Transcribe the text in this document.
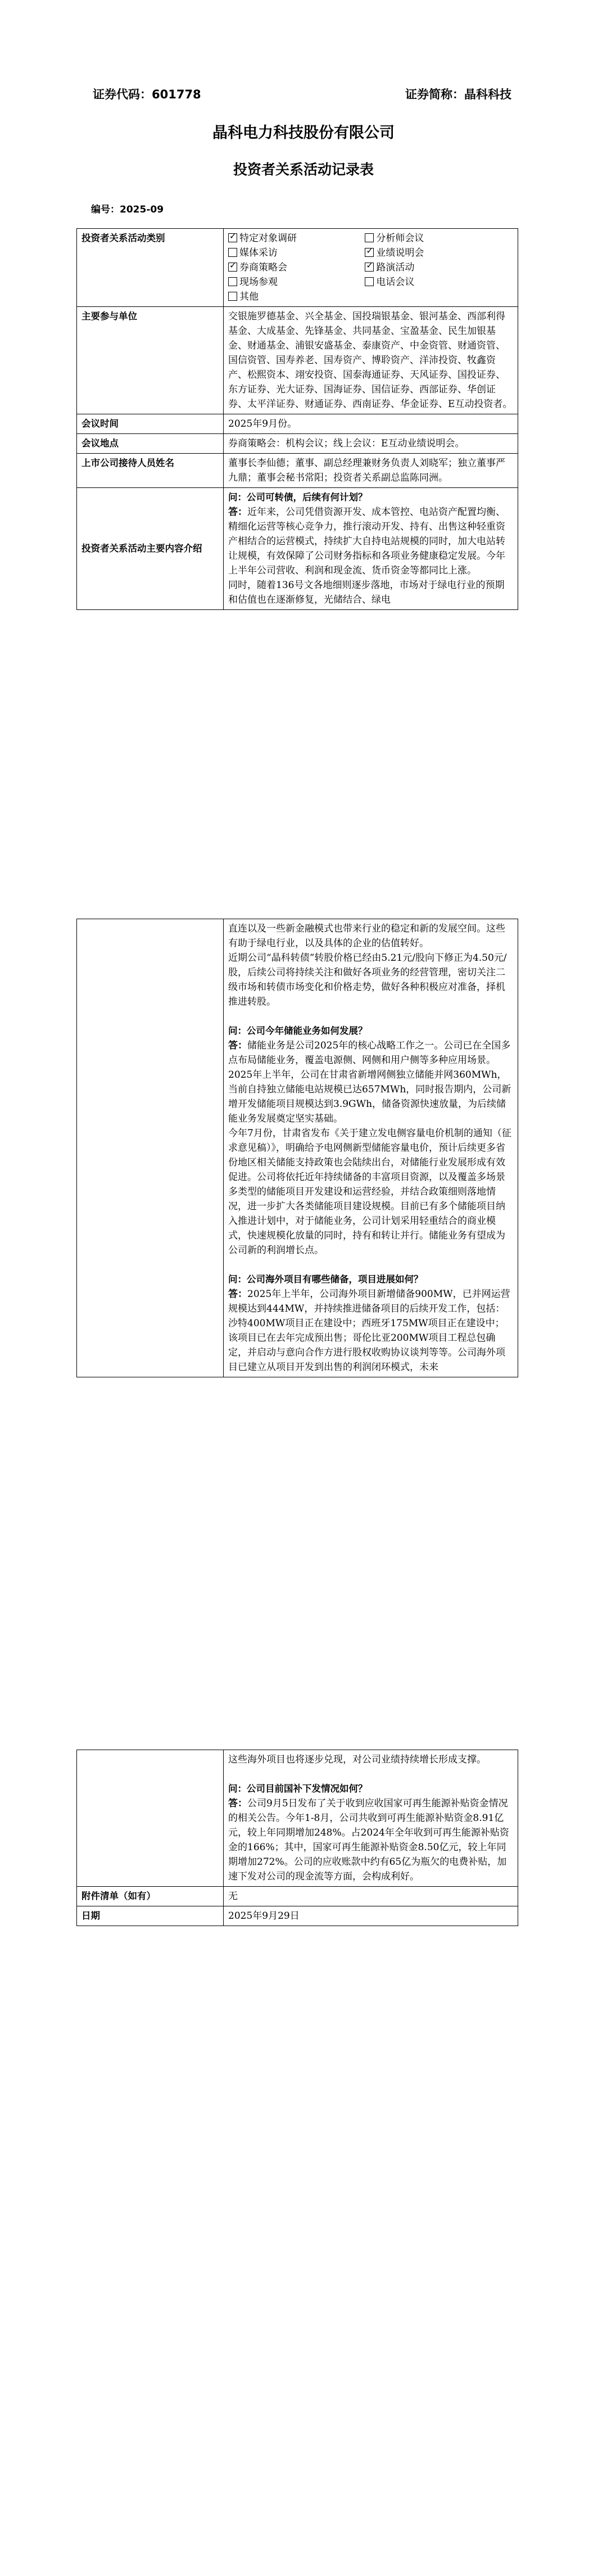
证券代码：601778	证券简称：晶科科技
晶科电力科技股份有限公司
投资者关系活动记录表
编号：2025-09
投资者关系活动类别	✓特定对象调研 分析师会议
媒体采访 ✓ 业绩说明会
✓券商策略会 ✓ 路演活动
现场参观 电话会议
其他
主要参与单位	交银施罗德基金、兴全基金、国投瑞银基金、银河基金、西部利得基金、大成基金、先锋基金、共同基金、宝盈基金、民生加银基金、财通基金、浦银安盛基金、泰康资产、中金资管、财通资管、国信资管、国寿养老、国寿资产、博聆资产、洋沛投资、牧鑫资产、松熙资本、翊安投资、国泰海通证券、天风证券、国投证券、东方证券、光大证券、国海证券、国信证券、西部证券、华创证券、太平洋证券、财通证券、西南证券、华金证券、E互动投资者。
会议时间	2025年9月份。
会议地点	券商策略会：机构会议；线上会议：E互动业绩说明会。
上市公司接待人员姓名	董事长李仙德；董事、副总经理兼财务负责人刘晓军；独立董事严九鼎；董事会秘书常阳；投资者关系副总监陈同洲。
投资者关系活动主要内容介绍	问：公司可转债，后续有何计划？

答：近年来，公司凭借资源开发、成本管控、电站资产配置均衡、精细化运营等核心竞争力，推行滚动开发、持有、出售这种轻重资产相结合的运营模式，持续扩大自持电站规模的同时，加大电站转让规模，有效保障了公司财务指标和各项业务健康稳定发展。今年上半年公司营收、利润和现金流、货币资金等都同比上涨。

同时，随着136号文各地细则逐步落地，市场对于绿电行业的预期和估值也在逐渐修复，光储结合、绿电

直连以及一些新金融模式也带来行业的稳定和新的发展空间。这些有助于绿电行业，以及具体的企业的估值转好。

近期公司“晶科转债”转股价格已经由5.21元/股向下修正为4.50元/股，后续公司将持续关注和做好各项业务的经营管理，密切关注二级市场和转债市场变化和价格走势，做好各种积极应对准备，择机推进转股。

问：公司今年储能业务如何发展？

答：储能业务是公司2025年的核心战略工作之一。公司已在全国多点布局储能业务，覆盖电源侧、网侧和用户侧等多种应用场景。2025年上半年，公司在甘肃省新增网侧独立储能并网360MWh，当前自持独立储能电站规模已达657MWh，同时报告期内，公司新增开发储能项目规模达到3.9GWh，储备资源快速放量，为后续储能业务发展奠定坚实基础。

今年7月份，甘肃省发布《关于建立发电侧容量电价机制的通知（征求意见稿）》，明确给予电网侧新型储能容量电价，预计后续更多省份地区相关储能支持政策也会陆续出台，对储能行业发展形成有效促进。公司将依托近年持续储备的丰富项目资源，以及覆盖多场景多类型的储能项目开发建设和运营经验，并结合政策细则落地情况，进一步扩大各类储能项目建设规模。目前已有多个储能项目纳入推进计划中，对于储能业务，公司计划采用轻重结合的商业模式，快速规模化放量的同时，持有和转让并行。储能业务有望成为公司新的利润增长点。

问：公司海外项目有哪些储备，项目进展如何？

答：2025年上半年，公司海外项目新增储备900MW，已并网运营规模达到444MW，并持续推进储备项目的后续开发工作，包括：沙特400MW项目正在建设中；西班牙175MW项目正在建设中；该项目已在去年完成预出售；哥伦比亚200MW项目工程总包确定，并启动与意向合作方进行股权收购协议谈判等等。公司海外项目已建立从项目开发到出售的利润闭环模式，未来

	这些海外项目也将逐步兑现，对公司业绩持续增长形成支撑。

问：公司目前国补下发情况如何？

答：公司9月5日发布了关于收到应收国家可再生能源补贴资金情况的相关公告。今年1-8月，公司共收到可再生能源补贴资金8.91亿元，较上年同期增加248%。占2024年全年收到可再生能源补贴资金的166%；其中，国家可再生能源补贴资金8.50亿元，较上年同期增加272%。公司的应收账款中约有65亿为瓶欠的电费补贴，加速下发对公司的现金流等方面，会构成利好。

附件清单（如有）	无
日期	2025年9月29日
